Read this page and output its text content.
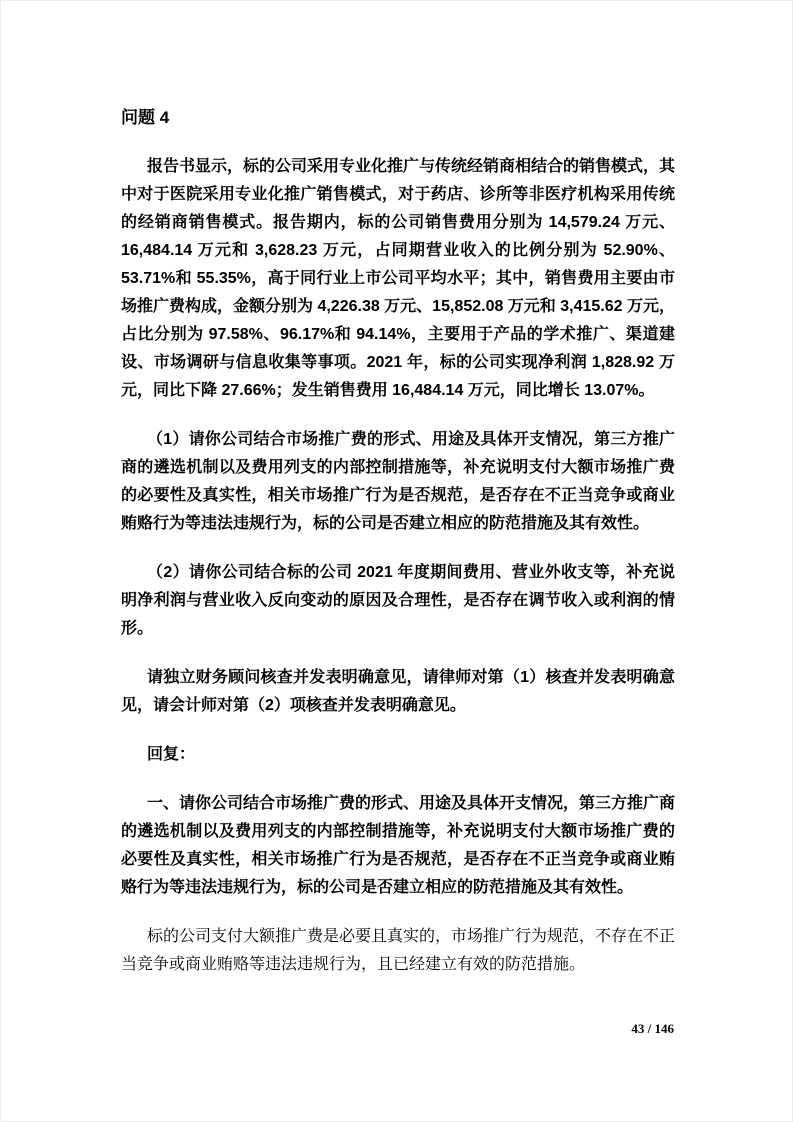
问题 4

报告书显示，标的公司采用专业化推广与传统经销商相结合的销售模式，其中对于医院采用专业化推广销售模式，对于药店、诊所等非医疗机构采用传统的经销商销售模式。报告期内，标的公司销售费用分别为 14,579.24 万元、16,484.14 万元和 3,628.23 万元，占同期营业收入的比例分别为 52.90%、53.71%和 55.35%，高于同行业上市公司平均水平；其中，销售费用主要由市场推广费构成，金额分别为 4,226.38 万元、15,852.08 万元和 3,415.62 万元，占比分别为 97.58%、96.17%和 94.14%，主要用于产品的学术推广、渠道建设、市场调研与信息收集等事项。2021 年，标的公司实现净利润 1,828.92 万元，同比下降 27.66%；发生销售费用 16,484.14 万元，同比增长 13.07%。

（1）请你公司结合市场推广费的形式、用途及具体开支情况，第三方推广商的遴选机制以及费用列支的内部控制措施等，补充说明支付大额市场推广费的必要性及真实性，相关市场推广行为是否规范，是否存在不正当竞争或商业贿赂行为等违法违规行为，标的公司是否建立相应的防范措施及其有效性。

（2）请你公司结合标的公司 2021 年度期间费用、营业外收支等，补充说明净利润与营业收入反向变动的原因及合理性，是否存在调节收入或利润的情形。

请独立财务顾问核查并发表明确意见，请律师对第（1）核查并发表明确意见，请会计师对第（2）项核查并发表明确意见。

回复：

一、请你公司结合市场推广费的形式、用途及具体开支情况，第三方推广商的遴选机制以及费用列支的内部控制措施等，补充说明支付大额市场推广费的必要性及真实性，相关市场推广行为是否规范，是否存在不正当竞争或商业贿赂行为等违法违规行为，标的公司是否建立相应的防范措施及其有效性。

标的公司支付大额推广费是必要且真实的，市场推广行为规范，不存在不正当竞争或商业贿赂等违法违规行为，且已经建立有效的防范措施。

43 / 146
